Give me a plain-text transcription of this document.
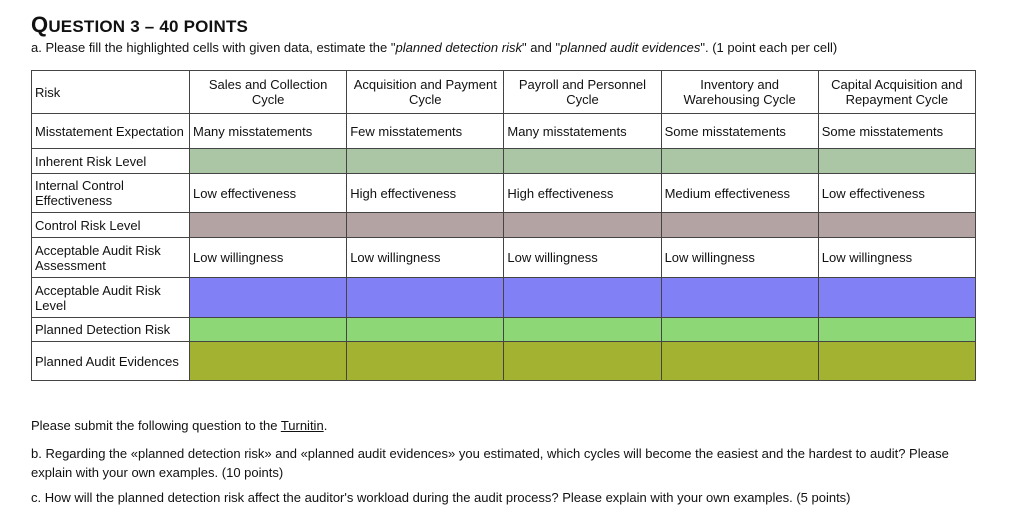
QUESTION 3 – 40 POINTS
a. Please fill the highlighted cells with given data, estimate the "planned detection risk" and "planned audit evidences". (1 point each per cell)
Risk	Sales and Collection Cycle	Acquisition and Payment Cycle	Payroll and Personnel Cycle	Inventory and Warehousing Cycle	Capital Acquisition and Repayment Cycle
Misstatement Expectation	Many misstatements	Few misstatements	Many misstatements	Some misstatements	Some misstatements
Inherent Risk Level					
Internal Control Effectiveness	Low effectiveness	High effectiveness	High effectiveness	Medium effectiveness	Low effectiveness
Control Risk Level					
Acceptable Audit Risk Assessment	Low willingness	Low willingness	Low willingness	Low willingness	Low willingness
Acceptable Audit Risk Level					
Planned Detection Risk					
Planned Audit Evidences					
Please submit the following question to the Turnitin.
b. Regarding the «planned detection risk» and «planned audit evidences» you estimated, which cycles will become the easiest and the hardest to audit? Please explain with your own examples. (10 points)
c. How will the planned detection risk affect the auditor's workload during the audit process? Please explain with your own examples. (5 points)
